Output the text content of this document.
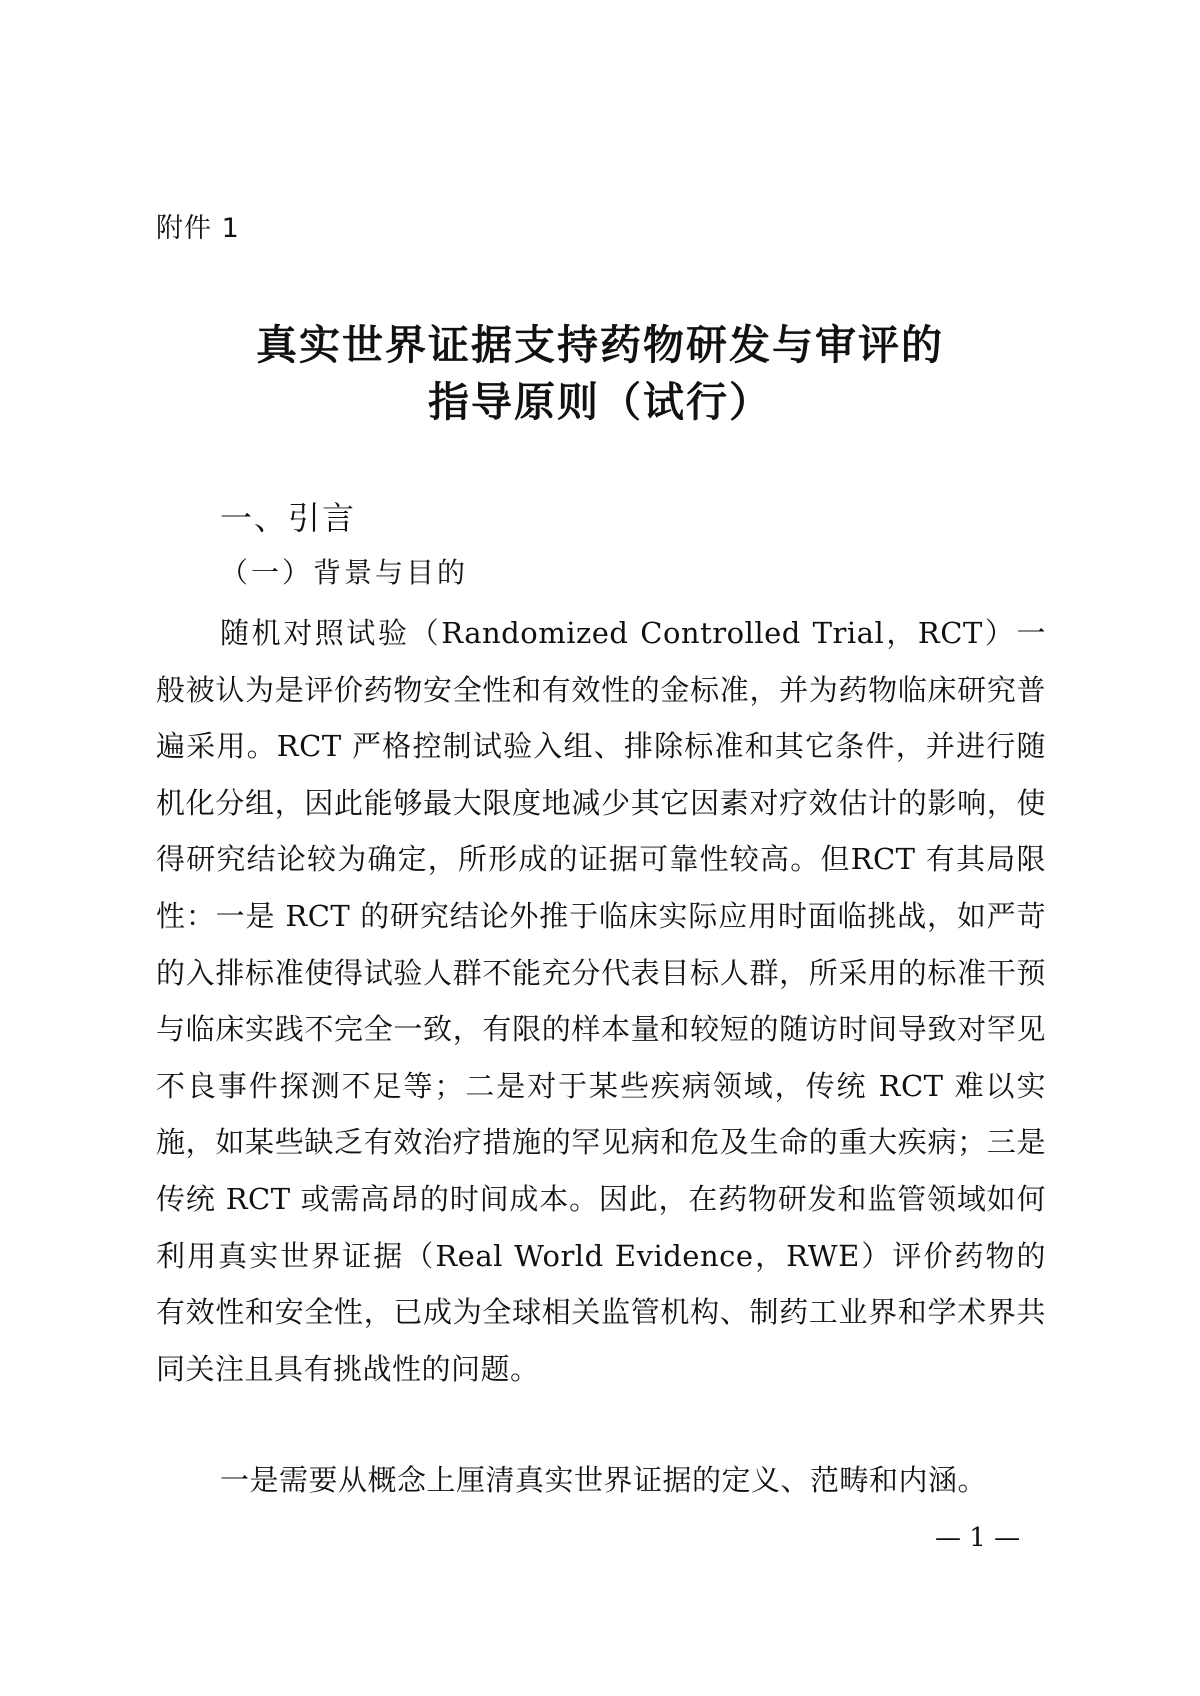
附件 1
真实世界证据支持药物研发与审评的
指导原则（试行）
一、引言
（一）背景与目的

随机对照试验（Randomized Controlled Trial，RCT）一般被认为是评价药物安全性和有效性的金标准，并为药物临床研究普遍采用。RCT 严格控制试验入组、排除标准和其它条件，并进行随机化分组，因此能够最大限度地减少其它因素对疗效估计的影响，使得研究结论较为确定，所形成的证据可靠性较高。但RCT 有其局限性：一是 RCT 的研究结论外推于临床实际应用时面临挑战，如严苛的入排标准使得试验人群不能充分代表目标人群，所采用的标准干预与临床实践不完全一致，有限的样本量和较短的随访时间导致对罕见不良事件探测不足等；二是对于某些疾病领域，传统 RCT 难以实施，如某些缺乏有效治疗措施的罕见病和危及生命的重大疾病；三是传统 RCT 或需高昂的时间成本。因此，在药物研发和监管领域如何利用真实世界证据（Real World Evidence，RWE）评价药物的有效性和安全性，已成为全球相关监管机构、制药工业界和学术界共同关注且具有挑战性的问题。

一是需要从概念上厘清真实世界证据的定义、范畴和内涵。

— 1 —
